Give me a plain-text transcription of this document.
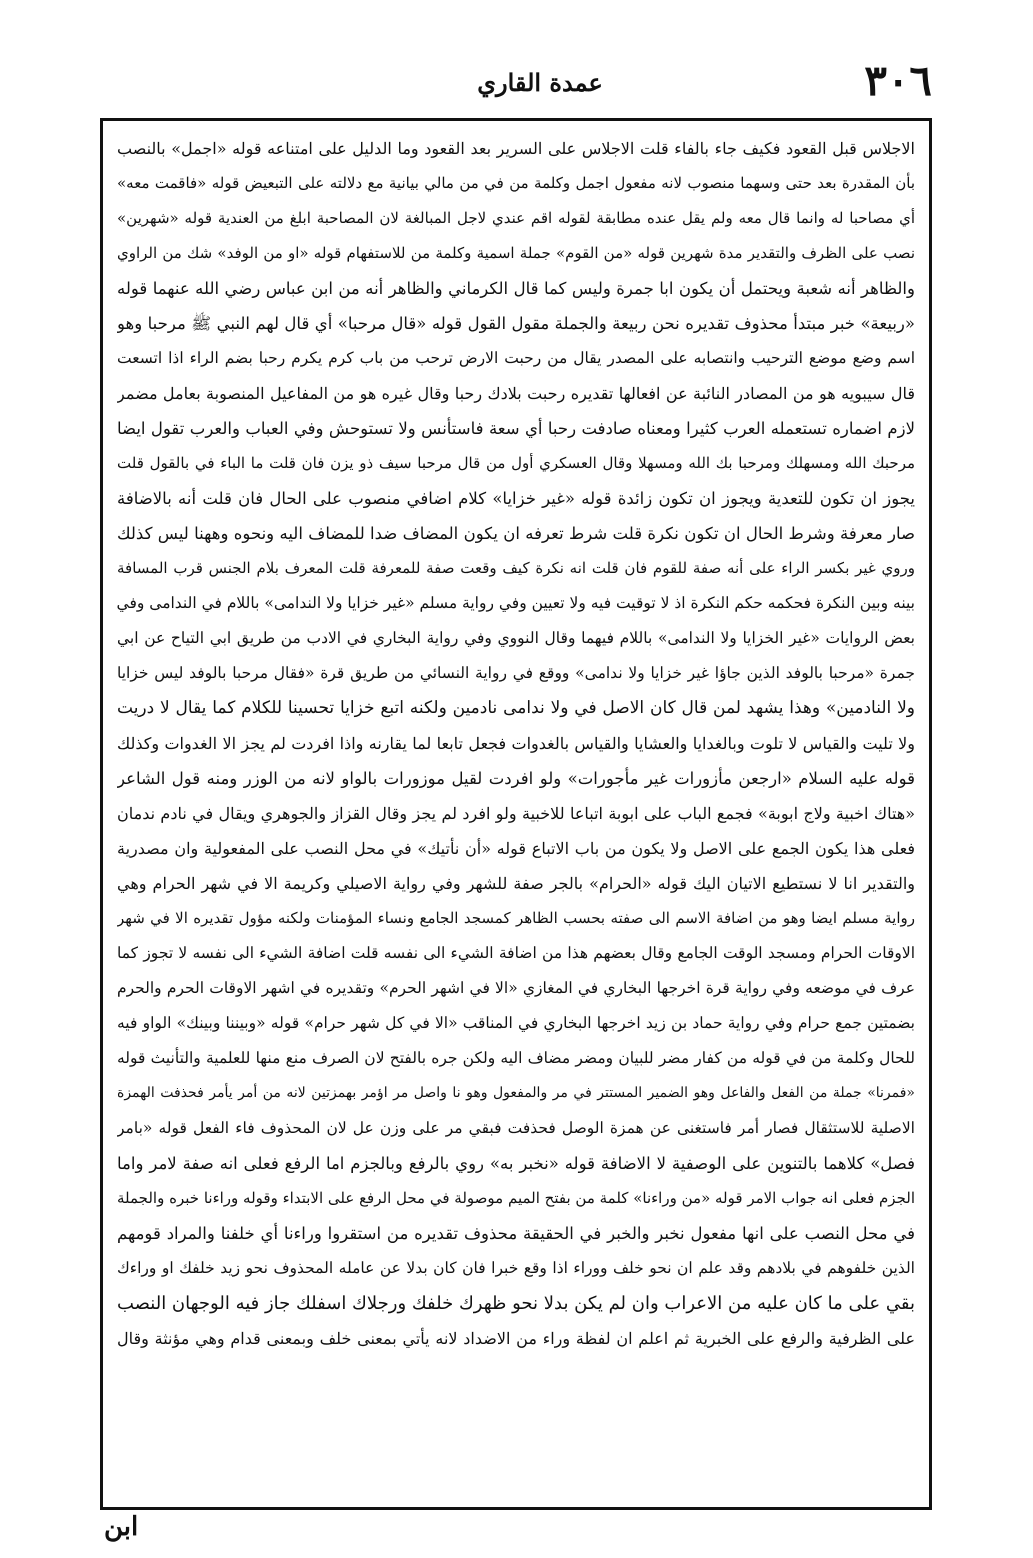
٣٠٦
عمدة القاري
الاجلاس قبل القعود فكيف جاء بالفاء قلت الاجلاس على السرير بعد القعود وما الدليل على امتناعه قوله «اجمل» بالنصب
بأن المقدرة بعد حتى وسهما منصوب لانه مفعول اجمل وكلمة من في من مالي بيانية مع دلالته على التبعيض قوله «فاقمت معه»
أي مصاحبا له وانما قال معه ولم يقل عنده مطابقة لقوله اقم عندي لاجل المبالغة لان المصاحبة ابلغ من العندية قوله «شهرين»
نصب على الظرف والتقدير مدة شهرين قوله «من القوم» جملة اسمية وكلمة من للاستفهام قوله «او من الوفد» شك من الراوي
والظاهر أنه شعبة ويحتمل أن يكون ابا جمرة وليس كما قال الكرماني والظاهر أنه من ابن عباس رضي الله عنهما قوله
«ربيعة» خبر مبتدأ محذوف تقديره نحن ربيعة والجملة مقول القول قوله «قال مرحبا» أي قال لهم النبي ﷺ مرحبا وهو
اسم وضع موضع الترحيب وانتصابه على المصدر يقال من رحبت الارض ترحب من باب كرم يكرم رحبا بضم الراء اذا اتسعت
قال سيبويه هو من المصادر النائبة عن افعالها تقديره رحبت بلادك رحبا وقال غيره هو من المفاعيل المنصوبة بعامل مضمر
لازم اضماره تستعمله العرب كثيرا ومعناه صادفت رحبا أي سعة فاستأنس ولا تستوحش وفي العباب والعرب تقول ايضا
مرحبك الله ومسهلك ومرحبا بك الله ومسهلا وقال العسكري أول من قال مرحبا سيف ذو يزن فان قلت ما الباء في بالقول قلت
يجوز ان تكون للتعدية ويجوز ان تكون زائدة قوله «غير خزايا» كلام اضافي منصوب على الحال فان قلت أنه بالاضافة
صار معرفة وشرط الحال ان تكون نكرة قلت شرط تعرفه ان يكون المضاف ضدا للمضاف اليه ونحوه وههنا ليس كذلك
وروي غير بكسر الراء على أنه صفة للقوم فان قلت انه نكرة كيف وقعت صفة للمعرفة قلت المعرف بلام الجنس قرب المسافة
بينه وبين النكرة فحكمه حكم النكرة اذ لا توقيت فيه ولا تعيين وفي رواية مسلم «غير خزايا ولا الندامى» باللام في الندامى وفي
بعض الروايات «غير الخزايا ولا الندامى» باللام فيهما وقال النووي وفي رواية البخاري في الادب من طريق ابي التياح عن ابي
جمرة «مرحبا بالوفد الذين جاؤا غير خزايا ولا ندامى» ووقع في رواية النسائي من طريق قرة «فقال مرحبا بالوفد ليس خزايا
ولا النادمين» وهذا يشهد لمن قال كان الاصل في ولا ندامى نادمين ولكنه اتبع خزايا تحسينا للكلام كما يقال لا دريت
ولا تليت والقياس لا تلوت وبالغدايا والعشايا والقياس بالغدوات فجعل تابعا لما يقارنه واذا افردت لم يجز الا الغدوات وكذلك
قوله عليه السلام «ارجعن مأزورات غير مأجورات» ولو افردت لقيل موزورات بالواو لانه من الوزر ومنه قول الشاعر
«هتاك اخبية ولاج ابوبة» فجمع الباب على ابوبة اتباعا للاخبية ولو افرد لم يجز وقال القزاز والجوهري ويقال في نادم ندمان
فعلى هذا يكون الجمع على الاصل ولا يكون من باب الاتباع قوله «أن نأتيك» في محل النصب على المفعولية وان مصدرية
والتقدير انا لا نستطيع الاتيان اليك قوله «الحرام» بالجر صفة للشهر وفي رواية الاصيلي وكريمة الا في شهر الحرام وهي
رواية مسلم ايضا وهو من اضافة الاسم الى صفته بحسب الظاهر كمسجد الجامع ونساء المؤمنات ولكنه مؤول تقديره الا في شهر
الاوقات الحرام ومسجد الوقت الجامع وقال بعضهم هذا من اضافة الشيء الى نفسه قلت اضافة الشيء الى نفسه لا تجوز كما
عرف في موضعه وفي رواية قرة اخرجها البخاري في المغازي «الا في اشهر الحرم» وتقديره في اشهر الاوقات الحرم والحرم
بضمتين جمع حرام وفي رواية حماد بن زيد اخرجها البخاري في المناقب «الا في كل شهر حرام» قوله «وبيننا وبينك» الواو فيه
للحال وكلمة من في قوله من كفار مضر للبيان ومضر مضاف اليه ولكن جره بالفتح لان الصرف منع منها للعلمية والتأنيث قوله
«فمرنا» جملة من الفعل والفاعل وهو الضمير المستتر في مر والمفعول وهو نا واصل مر اؤمر بهمزتين لانه من أمر يأمر فحذفت الهمزة
الاصلية للاستثقال فصار أمر فاستغنى عن همزة الوصل فحذفت فبقي مر على وزن عل لان المحذوف فاء الفعل قوله «بامر
فصل» كلاهما بالتنوين على الوصفية لا الاضافة قوله «نخبر به» روي بالرفع وبالجزم اما الرفع فعلى انه صفة لامر واما
الجزم فعلى انه جواب الامر قوله «من وراءنا» كلمة من بفتح الميم موصولة في محل الرفع على الابتداء وقوله وراءنا خبره والجملة
في محل النصب على انها مفعول نخبر والخبر في الحقيقة محذوف تقديره من استقروا وراءنا أي خلفنا والمراد قومهم
الذين خلفوهم في بلادهم وقد علم ان نحو خلف ووراء اذا وقع خبرا فان كان بدلا عن عامله المحذوف نحو زيد خلفك او وراءك
بقي على ما كان عليه من الاعراب وان لم يكن بدلا نحو ظهرك خلفك ورجلاك اسفلك جاز فيه الوجهان النصب
على الظرفية والرفع على الخبرية ثم اعلم ان لفظة وراء من الاضداد لانه يأتي بمعنى خلف وبمعنى قدام وهي مؤنثة وقال
ابن
